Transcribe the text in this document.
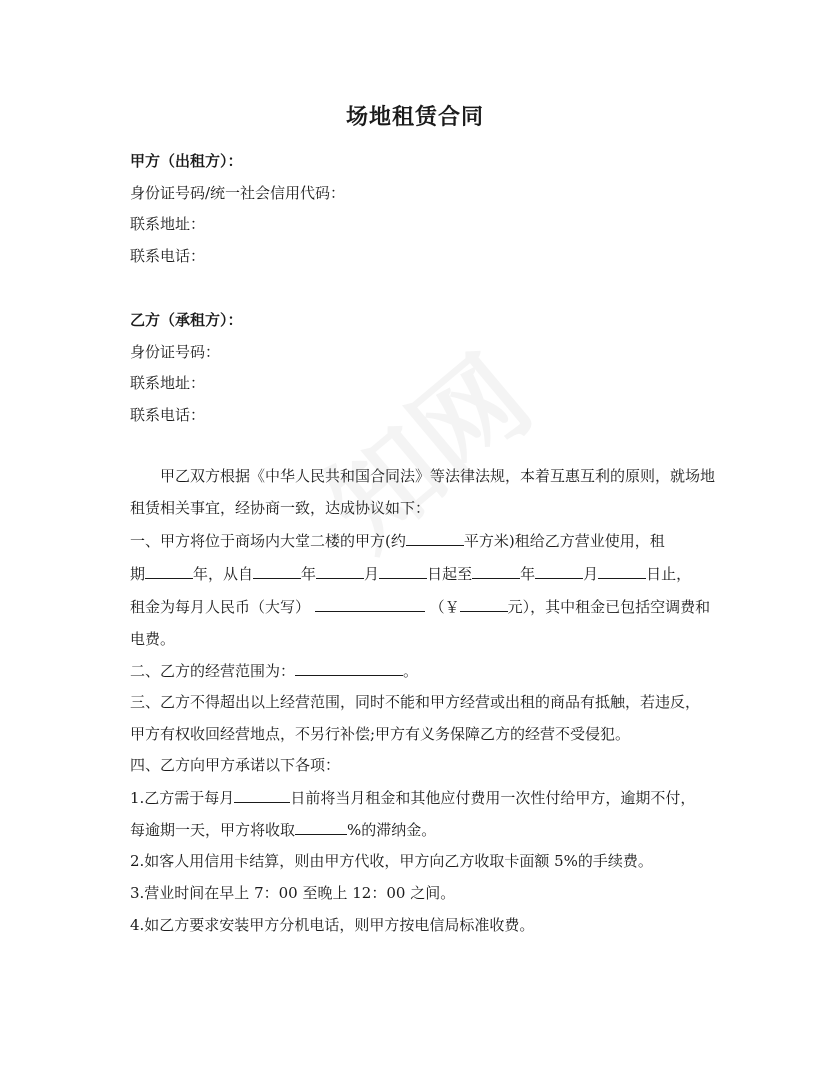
场地租赁合同
甲方（出租方）：
身份证号码/统一社会信用代码：
联系地址：
联系电话：
乙方（承租方）：
身份证号码：
联系地址：
联系电话：
甲乙双方根据《中华人民共和国合同法》等法律法规，本着互惠互利的原则，就场地
租赁相关事宜，经协商一致，达成协议如下：
一、甲方将位于商场内大堂二楼的甲方(约	平方米)租给乙方营业使用，租
期	年，从自	年	月	日起至	年	月	日止，
租金为每月人民币（大写）	（￥	元），其中租金已包括空调费和
电费。
二、乙方的经营范围为：	。
三、乙方不得超出以上经营范围，同时不能和甲方经营或出租的商品有抵触，若违反，
甲方有权收回经营地点，不另行补偿;甲方有义务保障乙方的经营不受侵犯。
四、乙方向甲方承诺以下各项：
1.乙方需于每月	日前将当月租金和其他应付费用一次性付给甲方，逾期不付，
每逾期一天，甲方将收取	%的滞纳金。
2.如客人用信用卡结算，则由甲方代收，甲方向乙方收取卡面额 5%的手续费。
3.营业时间在早上 7：00 至晚上 12：00 之间。
4.如乙方要求安装甲方分机电话，则甲方按电信局标准收费。
